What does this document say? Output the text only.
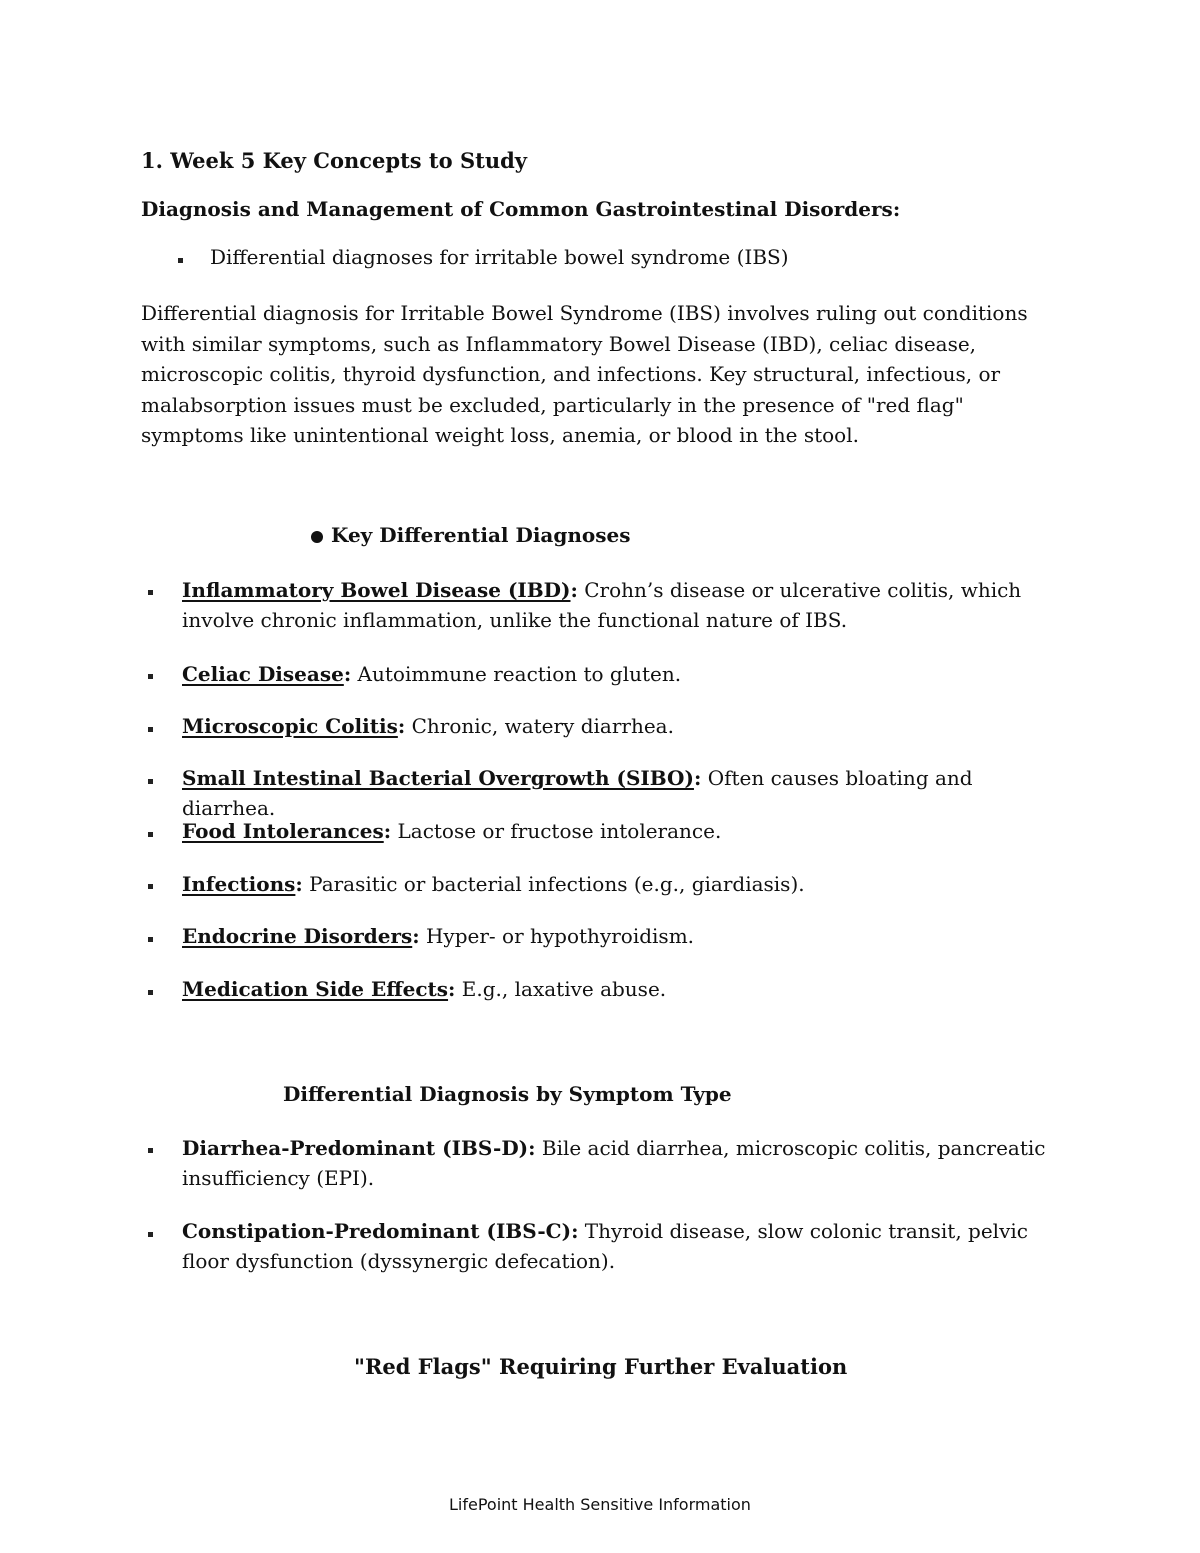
1. Week 5 Key Concepts to Study
Diagnosis and Management of Common Gastrointestinal Disorders:
Differential diagnoses for irritable bowel syndrome (IBS)
Differential diagnosis for Irritable Bowel Syndrome (IBS) involves ruling out conditions with similar symptoms, such as Inflammatory Bowel Disease (IBD), celiac disease, microscopic colitis, thyroid dysfunction, and infections. Key structural, infectious, or malabsorption issues must be excluded, particularly in the presence of "red flag" symptoms like unintentional weight loss, anemia, or blood in the stool.
Key Differential Diagnoses
Inflammatory Bowel Disease (IBD): Crohn’s disease or ulcerative colitis, which involve chronic inflammation, unlike the functional nature of IBS.
Celiac Disease: Autoimmune reaction to gluten.
Microscopic Colitis: Chronic, watery diarrhea.
Small Intestinal Bacterial Overgrowth (SIBO): Often causes bloating and diarrhea.
Food Intolerances: Lactose or fructose intolerance.
Infections: Parasitic or bacterial infections (e.g., giardiasis).
Endocrine Disorders: Hyper- or hypothyroidism.
Medication Side Effects: E.g., laxative abuse.
Differential Diagnosis by Symptom Type
Diarrhea-Predominant (IBS-D): Bile acid diarrhea, microscopic colitis, pancreatic insufficiency (EPI).
Constipation-Predominant (IBS-C): Thyroid disease, slow colonic transit, pelvic floor dysfunction (dyssynergic defecation).
"Red Flags" Requiring Further Evaluation
LifePoint Health Sensitive Information
